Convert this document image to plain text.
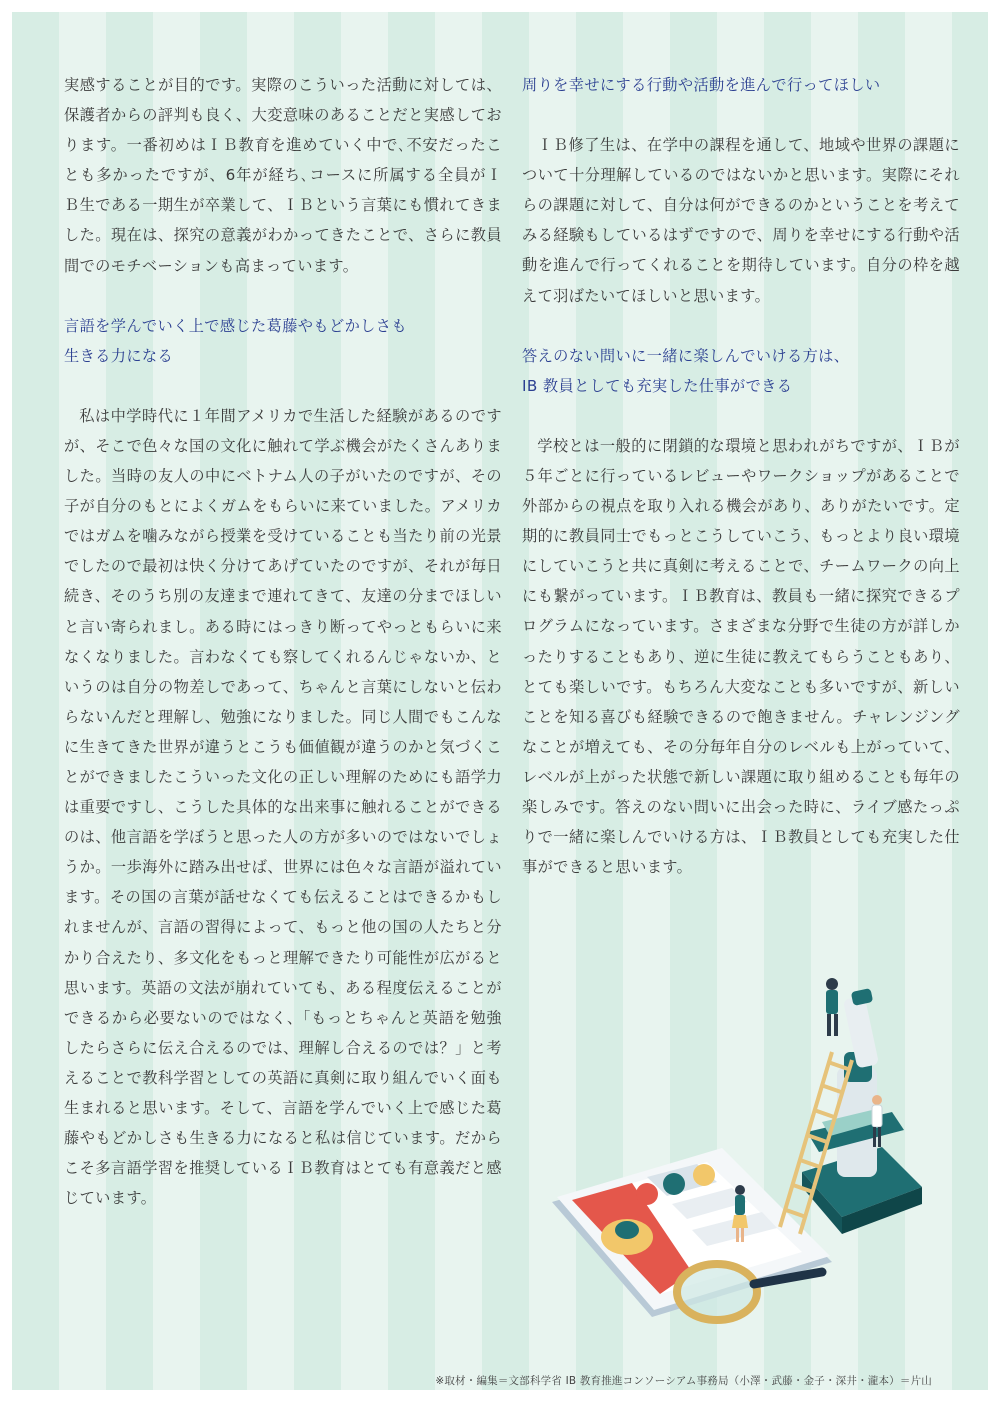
実感することが目的です。実際のこういった活動に対しては、保護者からの評判も良く、大変意味のあることだと実感しております。一番初めはＩＢ教育を進めていく中で､不安だったことも多かったですが、6年が経ち､コースに所属する全員がＩＢ生である一期生が卒業して、ＩＢという言葉にも慣れてきました。現在は、探究の意義がわかってきたことで、さらに教員間でのモチベーションも高まっています。

言語を学んでいく上で感じた葛藤やもどかしさも
生きる力になる

私は中学時代に１年間アメリカで生活した経験があるのですが、そこで色々な国の文化に触れて学ぶ機会がたくさんありました。当時の友人の中にベトナム人の子がいたのですが、その子が自分のもとによくガムをもらいに来ていました。アメリカではガムを噛みながら授業を受けていることも当たり前の光景でしたので最初は快く分けてあげていたのですが、それが毎日続き、そのうち別の友達まで連れてきて、友達の分までほしいと言い寄られまし。ある時にはっきり断ってやっともらいに来なくなりました。言わなくても察してくれるんじゃないか、というのは自分の物差しであって、ちゃんと言葉にしないと伝わらないんだと理解し、勉強になりました。同じ人間でもこんなに生きてきた世界が違うとこうも価値観が違うのかと気づくことができましたこういった文化の正しい理解のためにも語学力は重要ですし、こうした具体的な出来事に触れることができるのは、他言語を学ぼうと思った人の方が多いのではないでしょうか。一歩海外に踏み出せば、世界には色々な言語が溢れています。その国の言葉が話せなくても伝えることはできるかもしれませんが、言語の習得によって、もっと他の国の人たちと分かり合えたり、多文化をもっと理解できたり可能性が広がると思います。英語の文法が崩れていても、ある程度伝えることができるから必要ないのではなく、「もっとちゃんと英語を勉強したらさらに伝え合えるのでは、理解し合えるのでは？」と考えることで教科学習としての英語に真剣に取り組んでいく面も生まれると思います。そして、言語を学んでいく上で感じた葛藤やもどかしさも生きる力になると私は信じています。だからこそ多言語学習を推奨しているＩＢ教育はとても有意義だと感じています。

周りを幸せにする行動や活動を進んで行ってほしい

ＩＢ修了生は、在学中の課程を通して、地域や世界の課題について十分理解しているのではないかと思います。実際にそれらの課題に対して、自分は何ができるのかということを考えてみる経験もしているはずですので、周りを幸せにする行動や活動を進んで行ってくれることを期待しています。自分の枠を越えて羽ばたいてほしいと思います。

答えのない問いに一緒に楽しんでいける方は、
IB 教員としても充実した仕事ができる

学校とは一般的に閉鎖的な環境と思われがちですが、ＩＢが５年ごとに行っているレビューやワークショップがあることで外部からの視点を取り入れる機会があり、ありがたいです。定期的に教員同士でもっとこうしていこう、もっとより良い環境にしていこうと共に真剣に考えることで、チームワークの向上にも繋がっています。ＩＢ教育は、教員も一緒に探究できるプログラムになっています。さまざまな分野で生徒の方が詳しかったりすることもあり、逆に生徒に教えてもらうこともあり、とても楽しいです。もちろん大変なことも多いですが、新しいことを知る喜びも経験できるので飽きません。チャレンジングなことが増えても、その分毎年自分のレベルも上がっていて、レベルが上がった状態で新しい課題に取り組めることも毎年の楽しみです。答えのない問いに出会った時に、ライブ感たっぷりで一緒に楽しんでいける方は、ＩＢ教員としても充実した仕事ができると思います。

※取材・編集＝文部科学省 IB 教育推進コンソーシアム事務局（小澤・武藤・金子・深井・瀧本）＝片山
